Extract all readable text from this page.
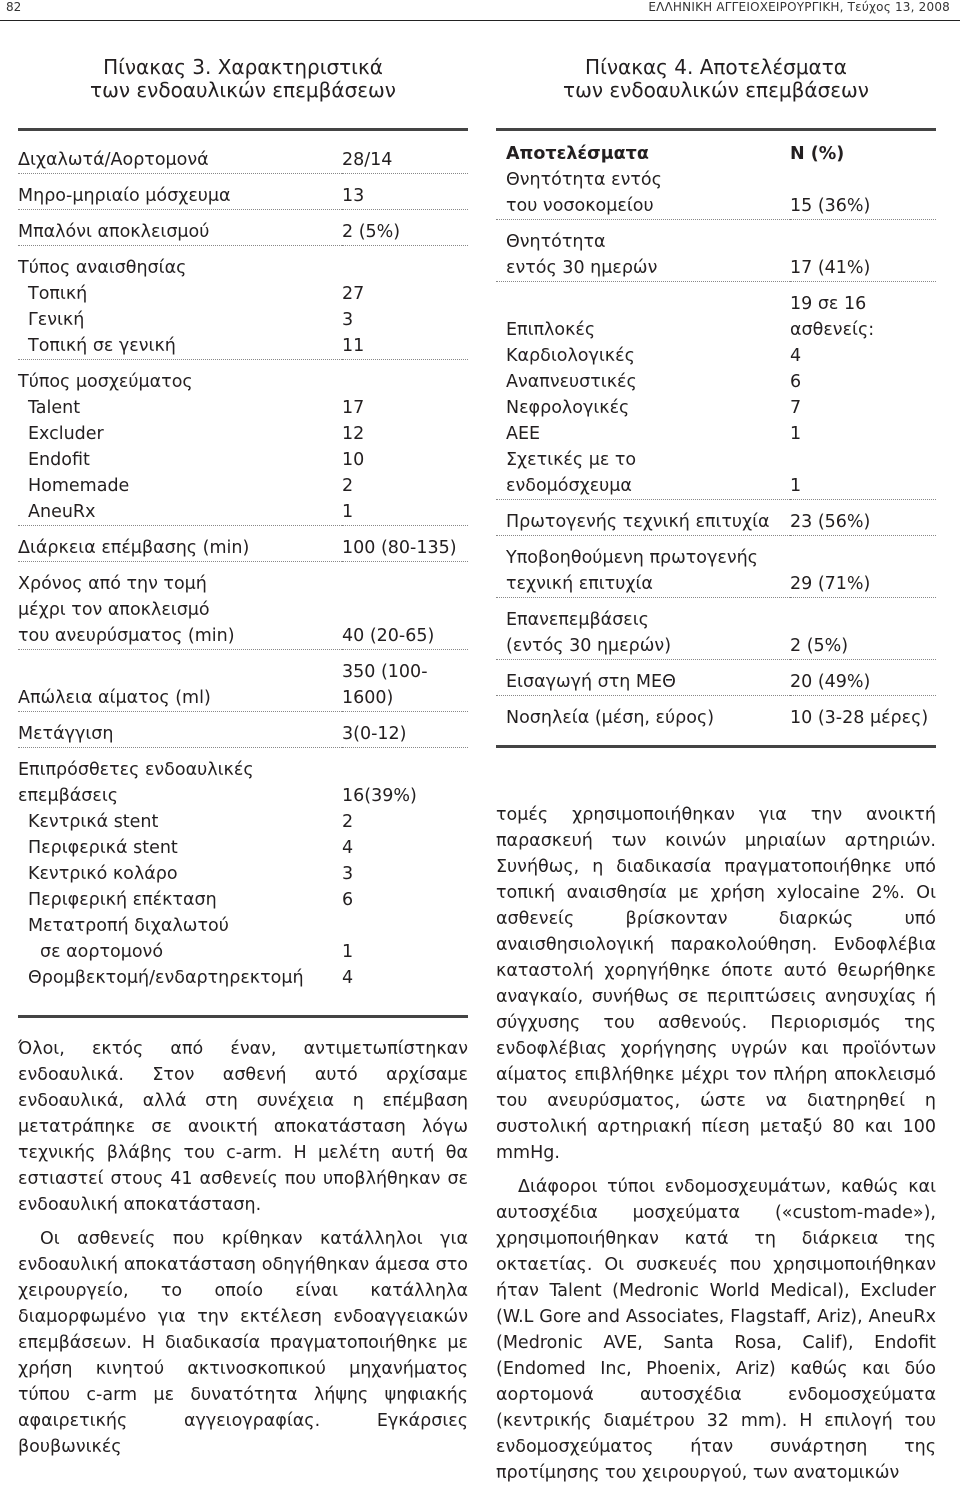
82	ΕΛΛΗΝΙΚΗ ΑΓΓΕΙΟΧΕΙΡΟΥΡΓΙΚΗ, Τεύχος 13, 2008
Πίνακας 3. Χαρακτηριστικά
των ενδοαυλικών επεμβάσεων
Διχαλωτά/Αορτομονά	28/14
Μηρο-μηριαίο μόσχευμα	13
Μπαλόνι αποκλεισμού	2 (5%)
Τύπος αναισθησίας	
Τοπική	27
Γενική	3
Τοπική σε γενική	11
Τύπος μοσχεύματος	
Talent	17
Excluder	12
Endofit	10
Homemade	2
AneuRx	1
Διάρκεια επέμβασης (min)	100 (80-135)
Χρόνος από την τομή	
μέχρι τον αποκλεισμό	
του ανευρύσματος (min)	40 (20-65)
Απώλεια αίματος (ml)	350 (100-1600)
Μετάγγιση	3(0-12)
Επιπρόσθετες ενδοαυλικές	
επεμβάσεις	16(39%)
Κεντρικά stent	2
Περιφερικά stent	4
Κεντρικό κολάρο	3
Περιφερική επέκταση	6
Μετατροπή διχαλωτού	
σε αορτομονό	1
Θρομβεκτομή/ενδαρτηρεκτομή	4

Όλοι, εκτός από έναν, αντιμετωπίστηκαν ενδοαυλικά. Στον ασθενή αυτό αρχίσαμε ενδοαυλικά, αλλά στη συνέχεια η επέμβαση μετατράπηκε σε ανοικτή αποκατάσταση λόγω τεχνικής βλάβης του c-arm. Η μελέτη αυτή θα εστιαστεί στους 41 ασθενείς που υποβλήθηκαν σε ενδοαυλική αποκατάσταση.

Οι ασθενείς που κρίθηκαν κατάλληλοι για ενδοαυλική αποκατάσταση οδηγήθηκαν άμεσα στο χειρουργείο, το οποίο είναι κατάλληλα διαμορφωμένο για την εκτέλεση ενδοαγγειακών επεμβάσεων. Η διαδικασία πραγματοποιήθηκε με χρήση κινητού ακτινοσκοπικού μηχανήματος τύπου c-arm με δυνατότητα λήψης ψηφιακής αφαιρετικής αγγειογραφίας. Εγκάρσιες βουβωνικές

Πίνακας 4. Αποτελέσματα
των ενδοαυλικών επεμβάσεων
Αποτελέσματα	Ν (%)
Θνητότητα εντός	
του νοσοκομείου	15 (36%)
Θνητότητα	
εντός 30 ημερών	17 (41%)
Επιπλοκές	19 σε 16 ασθενείς:
Καρδιολογικές	4
Αναπνευστικές	6
Νεφρολογικές	7
ΑΕΕ	1
Σχετικές με το	
ενδομόσχευμα	1
Πρωτογενής τεχνική επιτυχία	23 (56%)
Υποβοηθούμενη πρωτογενής	
τεχνική επιτυχία	29 (71%)
Επανεπεμβάσεις	
(εντός 30 ημερών)	2 (5%)
Εισαγωγή στη ΜΕΘ	20 (49%)
Νοσηλεία (μέση, εύρος)	10 (3-28 μέρες)

τομές χρησιμοποιήθηκαν για την ανοικτή παρασκευή των κοινών μηριαίων αρτηριών. Συνήθως, η διαδικασία πραγματοποιήθηκε υπό τοπική αναισθησία με χρήση xylocaine 2%. Οι ασθενείς βρίσκονταν διαρκώς υπό αναισθησιολογική παρακολούθηση. Ενδοφλέβια καταστολή χορηγήθηκε όποτε αυτό θεωρήθηκε αναγκαίο, συνήθως σε περιπτώσεις ανησυχίας ή σύγχυσης του ασθενούς. Περιορισμός της ενδοφλέβιας χορήγησης υγρών και προϊόντων αίματος επιβλήθηκε μέχρι τον πλήρη αποκλεισμό του ανευρύσματος, ώστε να διατηρηθεί η συστολική αρτηριακή πίεση μεταξύ 80 και 100 mmHg.

Διάφοροι τύποι ενδομοσχευμάτων, καθώς και αυτοσχέδια μοσχεύματα («custom-made»), χρησιμοποιήθηκαν κατά τη διάρκεια της οκταετίας. Οι συσκευές που χρησιμοποιήθηκαν ήταν Talent (Medronic World Medical), Excluder (W.L Gore and Associates, Flagstaff, Ariz), AneuRx (Medronic AVE, Santa Rosa, Calif), Endofit (Endomed Inc, Phoenix, Ariz) καθώς και δύο αορτομονά αυτοσχέδια ενδομοσχεύματα (κεντρικής διαμέτρου 32 mm). Η επιλογή του ενδομοσχεύματος ήταν συνάρτηση της προτίμησης του χειρουργού, των ανατομικών
